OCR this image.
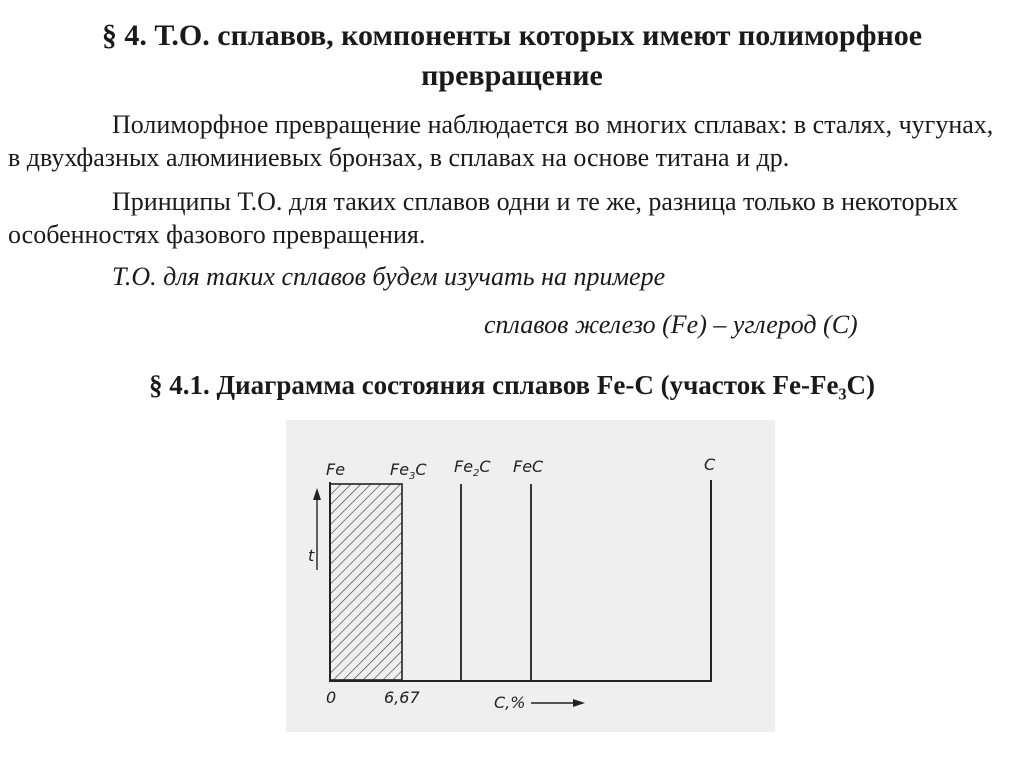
§ 4. Т.О. сплавов, компоненты которых имеют полиморфное превращение
Полиморфное превращение наблюдается во многих сплавах: в сталях, чугунах, в двухфазных алюминиевых бронзах, в сплавах на основе титана и др.
Принципы Т.О. для таких сплавов одни и те же, разница только в некоторых особенностях фазового превращения.
Т.О. для таких сплавов будем изучать на примере
сплавов железо (Fe) – углерод (C)
§ 4.1. Диаграмма состояния сплавов Fe-C (участок Fe-Fe₃C)
t
Fe	$Fe_3C$ $Fe_2C$ FeC	C
0	6,67	C,%
